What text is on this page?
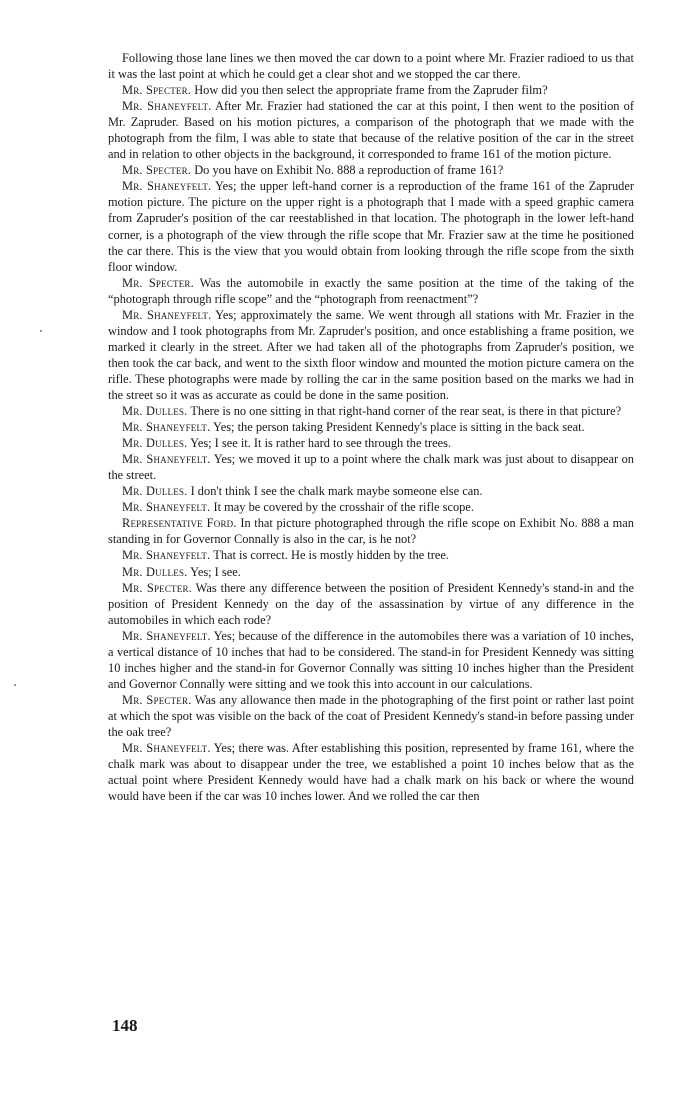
Following those lane lines we then moved the car down to a point where Mr. Frazier radioed to us that it was the last point at which he could get a clear shot and we stopped the car there.

Mr. Specter. How did you then select the appropriate frame from the Zapruder film?

Mr. Shaneyfelt. After Mr. Frazier had stationed the car at this point, I then went to the position of Mr. Zapruder. Based on his motion pictures, a comparison of the photograph that we made with the photograph from the film, I was able to state that because of the relative position of the car in the street and in relation to other objects in the background, it corresponded to frame 161 of the motion picture.

Mr. Specter. Do you have on Exhibit No. 888 a reproduction of frame 161?

Mr. Shaneyfelt. Yes; the upper left-hand corner is a reproduction of the frame 161 of the Zapruder motion picture. The picture on the upper right is a photograph that I made with a speed graphic camera from Zapruder's position of the car reestablished in that location. The photograph in the lower left-hand corner, is a photograph of the view through the rifle scope that Mr. Frazier saw at the time he positioned the car there. This is the view that you would obtain from looking through the rifle scope from the sixth floor window.

Mr. Specter. Was the automobile in exactly the same position at the time of the taking of the “photograph through rifle scope” and the “photograph from reenactment”?

Mr. Shaneyfelt. Yes; approximately the same. We went through all stations with Mr. Frazier in the window and I took photographs from Mr. Zapruder's position, and once establishing a frame position, we marked it clearly in the street. After we had taken all of the photographs from Zapruder's position, we then took the car back, and went to the sixth floor window and mounted the motion picture camera on the rifle. These photographs were made by rolling the car in the same position based on the marks we had in the street so it was as accurate as could be done in the same position.

Mr. Dulles. There is no one sitting in that right-hand corner of the rear seat, is there in that picture?

Mr. Shaneyfelt. Yes; the person taking President Kennedy's place is sitting in the back seat.

Mr. Dulles. Yes; I see it. It is rather hard to see through the trees.

Mr. Shaneyfelt. Yes; we moved it up to a point where the chalk mark was just about to disappear on the street.

Mr. Dulles. I don't think I see the chalk mark maybe someone else can.

Mr. Shaneyfelt. It may be covered by the crosshair of the rifle scope.

Representative Ford. In that picture photographed through the rifle scope on Exhibit No. 888 a man standing in for Governor Connally is also in the car, is he not?

Mr. Shaneyfelt. That is correct. He is mostly hidden by the tree.

Mr. Dulles. Yes; I see.

Mr. Specter. Was there any difference between the position of President Kennedy's stand-in and the position of President Kennedy on the day of the assassination by virtue of any difference in the automobiles in which each rode?

Mr. Shaneyfelt. Yes; because of the difference in the automobiles there was a variation of 10 inches, a vertical distance of 10 inches that had to be considered. The stand-in for President Kennedy was sitting 10 inches higher and the stand-in for Governor Connally was sitting 10 inches higher than the President and Governor Connally were sitting and we took this into account in our calculations.

Mr. Specter. Was any allowance then made in the photographing of the first point or rather last point at which the spot was visible on the back of the coat of President Kennedy's stand-in before passing under the oak tree?

Mr. Shaneyfelt. Yes; there was. After establishing this position, represented by frame 161, where the chalk mark was about to disappear under the tree, we established a point 10 inches below that as the actual point where President Kennedy would have had a chalk mark on his back or where the wound would have been if the car was 10 inches lower. And we rolled the car then

148
